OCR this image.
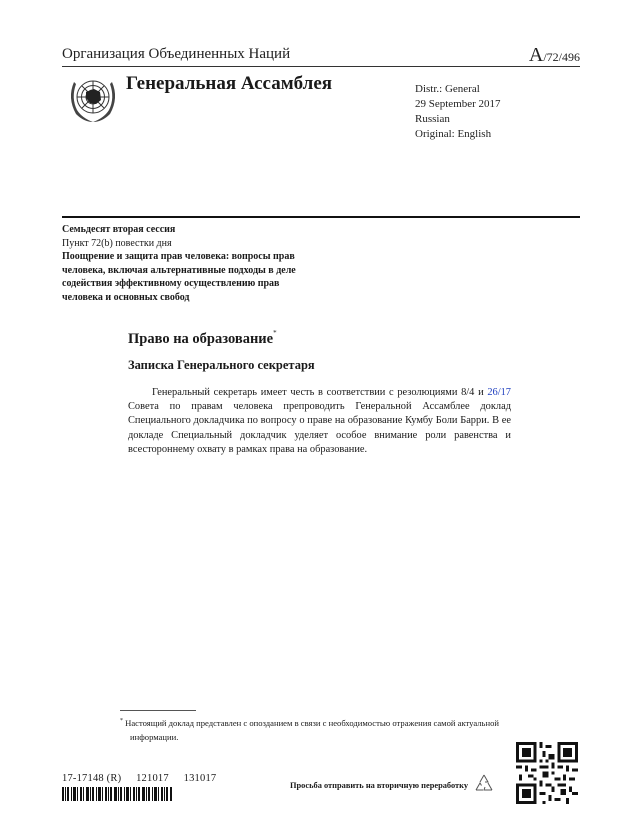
Организация Объединенных Наций	A/72/496
Генеральная Ассамблея	Distr.: General
29 September 2017
Russian
Original: English
Семьдесят вторая сессия
Пункт 72(b) повестки дня
Поощрение и защита прав человека: вопросы прав человека, включая альтернативные подходы в деле содействия эффективному осуществлению прав человека и основных свобод
Право на образование*
Записка Генерального секретаря
Генеральный секретарь имеет честь в соответствии с резолюциями 8/4 и 26/17 Совета по правам человека препроводить Генеральной Ассамблее доклад Специального докладчика по вопросу о праве на образование Кумбу Боли Барри. В ее докладе Специальный докладчик уделяет особое внимание роли равенства и всестороннему охвату в рамках права на образование.
* Настоящий доклад представлен с опозданием в связи с необходимостью отражения самой актуальной информации.
17-17148 (R) 121017 131017
Просьба отправить на вторичную переработку
